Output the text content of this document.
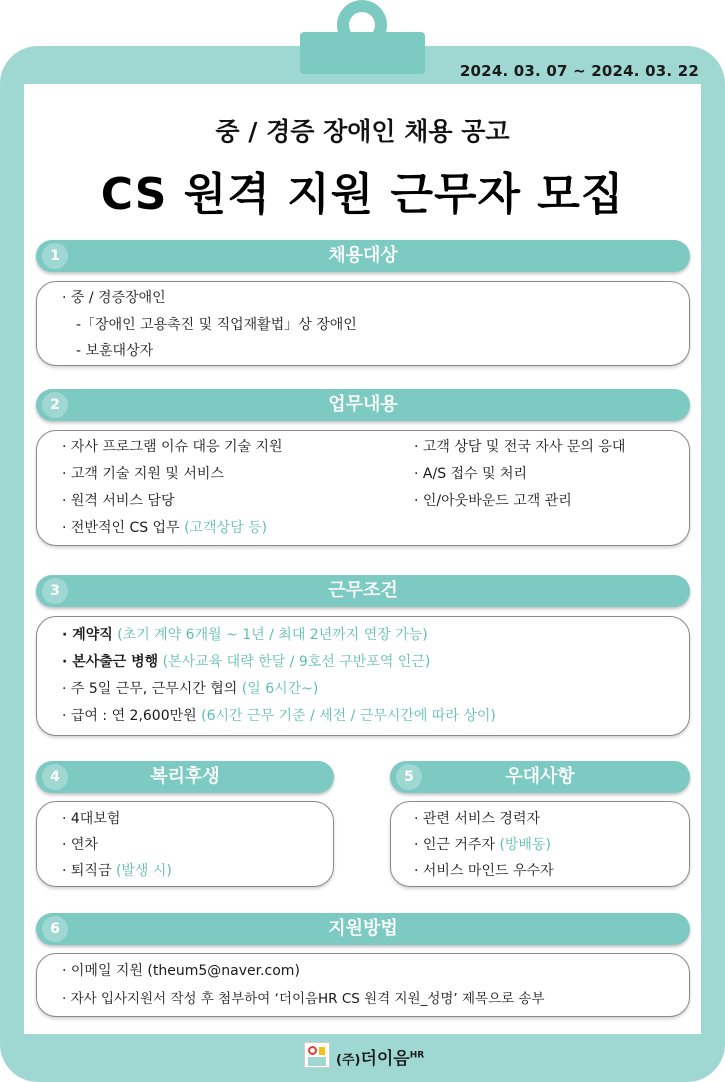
2024. 03. 07 ~ 2024. 03. 22
중 / 경증 장애인 채용 공고
CS 원격 지원 근무자 모집
1	채용대상
· 중 / 경증장애인
-「장애인 고용촉진 및 직업재활법」상 장애인
- 보훈대상자
2	업무내용
· 자사 프로그램 이슈 대응 기술 지원
· 고객 기술 지원 및 서비스
· 원격 서비스 담당
· 전반적인 CS 업무 (고객상담 등)
· 고객 상담 및 전국 자사 문의 응대
· A/S 접수 및 처리
· 인/아웃바운드 고객 관리
3	근무조건
· 계약직 (초기 계약 6개월 ~ 1년 / 최대 2년까지 연장 가능)
· 본사출근 병행 (본사교육 대략 한달 / 9호선 구반포역 인근)
· 주 5일 근무, 근무시간 협의 (일 6시간~)
· 급여 : 연 2,600만원 (6시간 근무 기준 / 세전 / 근무시간에 따라 상이)
4	복리후생
· 4대보험
· 연차
· 퇴직금 (발생 시)
5	우대사항
· 관련 서비스 경력자
· 인근 거주자 (방배동)
· 서비스 마인드 우수자
6	지원방법
· 이메일 지원 (theum5@naver.com)
· 자사 입사지원서 작성 후 첨부하여 ‘더이음HR CS 원격 지원_성명’ 제목으로 송부
(주)더이음$^{HR}$
